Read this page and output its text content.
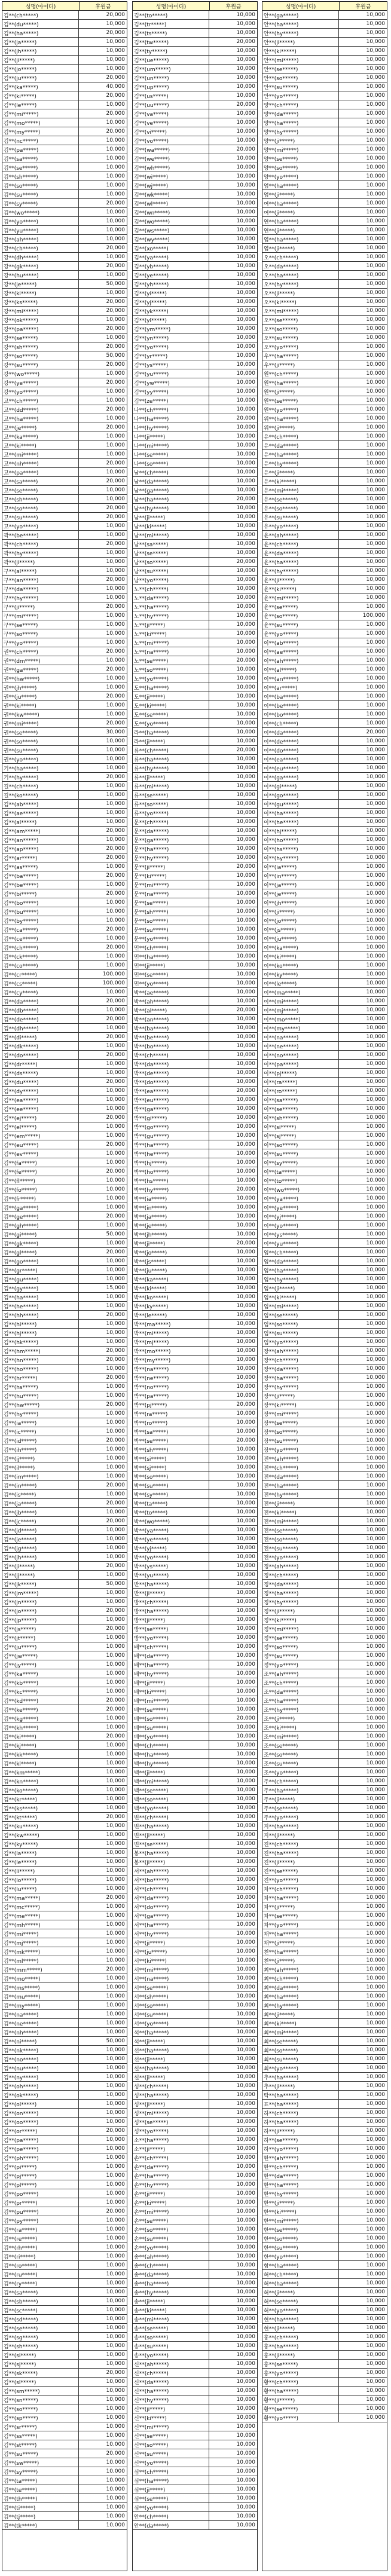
성명(아이디)	후원금
김**(ch*****)	20,000
김**(du*****)	10,000
김**(ha*****)	20,000
김**(ja*****)	10,000
김**(jh*****)	10,000
김**(ji*****)	10,000
김**(jo*****)	10,000
김**(ju*****)	20,000
김**(ka*****)	40,000
김**(ki*****)	20,000
김**(le*****)	10,000
김**(mi*****)	20,000
김**(mo*****)	10,000
김**(my*****)	20,000
김**(nc*****)	10,000
김**(pa*****)	10,000
김**(sa*****)	10,000
김**(se*****)	10,000
김**(sh*****)	10,000
김**(so*****)	10,000
김**(su*****)	10,000
김**(sy*****)	20,000
김**(wo*****)	10,000
김**(yo*****)	10,000
김**(yu*****)	10,000
강**(ah*****)	10,000
강**(ch*****)	20,000
강**(dh*****)	10,000
강**(gk*****)	20,000
강**(hu*****)	10,000
강**(je*****)	50,000
강**(ki*****)	10,000
강**(ks*****)	20,000
강**(mi*****)	20,000
강**(ok*****)	10,000
강**(pa*****)	20,000
강**(se*****)	10,000
강**(sh*****)	20,000
강**(so*****)	50,000
강**(su*****)	20,000
강**(wo*****)	10,000
강**(ye*****)	20,000
강**(yo*****)	10,000
고**(ch*****)	10,000
고**(dd*****)	20,000
고**(ha*****)	10,000
고**(je*****)	20,000
고**(ka*****)	10,000
고**(ki*****)	10,000
고**(mi*****)	10,000
고**(nh*****)	20,000
고**(pa*****)	10,000
고**(sa*****)	20,000
고**(se*****)	10,000
고**(sh*****)	10,000
고**(so*****)	20,000
고**(su*****)	20,000
고**(yo*****)	10,000
곽**(be*****)	10,000
곽**(ch*****)	20,000
곽**(hy*****)	10,000
곽**(ji*****)	10,000
구**(al*****)	10,000
구**(an*****)	20,000
구**(da*****)	10,000
구**(hy*****)	10,000
구**(ji*****)	20,000
구**(mi*****)	10,000
구**(se*****)	10,000
구**(so*****)	10,000
구**(yo*****)	10,000
권**(ch*****)	20,000
권**(dm*****)	10,000
권**(ga*****)	20,000
권**(hw*****)	10,000
권**(jh*****)	10,000
권**(ju*****)	20,000
권**(ki*****)	10,000
권**(kw*****)	10,000
권**(mi*****)	20,000
권**(se*****)	30,000
권**(so*****)	10,000
권**(su*****)	10,000
권**(yo*****)	10,000
기**(ha*****)	10,000
기**(hy*****)	20,000
길**(ch*****)	10,000
길**(ko*****)	10,000
김**(ab*****)	10,000
김**(ae*****)	10,000
김**(al*****)	10,000
김**(am*****)	20,000
김**(an*****)	10,000
김**(ap*****)	20,000
김**(ar*****)	20,000
김**(as*****)	10,000
김**(ba*****)	20,000
김**(be*****)	10,000
김**(bi*****)	20,000
김**(bo*****)	10,000
김**(bu*****)	10,000
김**(by*****)	10,000
김**(ca*****)	20,000
김**(ce*****)	10,000
김**(ch*****)	20,000
김**(ck*****)	10,000
김**(co*****)	10,000
김**(cr*****)	100,000
김**(cs*****)	100,000
김**(cy*****)	10,000
김**(da*****)	20,000
김**(db*****)	10,000
김**(de*****)	20,000
김**(dh*****)	10,000
김**(di*****)	20,000
김**(dk*****)	10,000
김**(do*****)	20,000
김**(dr*****)	10,000
김**(ds*****)	10,000
김**(du*****)	20,000
김**(dy*****)	10,000
김**(ea*****)	10,000
김**(ee*****)	10,000
김**(ej*****)	20,000
김**(el*****)	10,000
김**(em*****)	10,000
김**(eu*****)	20,000
김**(ev*****)	10,000
김**(fa*****)	10,000
김**(fe*****)	20,000
김**(fl*****)	10,000
김**(fo*****)	10,000
김**(fr*****)	10,000
김**(ga*****)	10,000
김**(ge*****)	20,000
김**(gh*****)	10,000
김**(gi*****)	50,000
김**(gk*****)	10,000
김**(gl*****)	20,000
김**(go*****)	10,000
김**(gr*****)	10,000
김**(gu*****)	10,000
김**(gy*****)	15,000
김**(ha*****)	10,000
김**(he*****)	10,000
김**(hh*****)	20,000
김**(hi*****)	10,000
김**(hj*****)	10,000
김**(hk*****)	10,000
김**(hm*****)	20,000
김**(hn*****)	20,000
김**(ho*****)	10,000
김**(hr*****)	20,000
김**(hs*****)	10,000
김**(hu*****)	10,000
김**(hw*****)	20,000
김**(hy*****)	10,000
김**(ia*****)	10,000
김**(ic*****)	10,000
김**(id*****)	20,000
김**(ih*****)	10,000
김**(ij*****)	10,000
김**(il*****)	10,000
김**(im*****)	10,000
김**(in*****)	20,000
김**(is*****)	10,000
김**(ja*****)	20,000
김**(jb*****)	10,000
김**(jc*****)	20,000
김**(jd*****)	10,000
김**(je*****)	10,000
김**(jg*****)	10,000
김**(jh*****)	10,000
김**(ji*****)	20,000
김**(jj*****)	10,000
김**(jk*****)	50,000
김**(jm*****)	10,000
김**(jn*****)	10,000
김**(jo*****)	20,000
김**(jp*****)	10,000
김**(js*****)	20,000
김**(jt*****)	10,000
김**(ju*****)	10,000
김**(jw*****)	10,000
김**(jy*****)	10,000
김**(ka*****)	10,000
김**(kb*****)	10,000
김**(kc*****)	10,000
김**(kd*****)	20,000
김**(ke*****)	20,000
김**(kg*****)	10,000
김**(kh*****)	10,000
김**(ki*****)	20,000
김**(kj*****)	10,000
김**(kk*****)	10,000
김**(kl*****)	10,000
김**(km*****)	10,000
김**(kn*****)	10,000
김**(ko*****)	10,000
김**(kr*****)	10,000
김**(ks*****)	10,000
김**(kt*****)	20,000
김**(ku*****)	10,000
김**(kw*****)	10,000
김**(ky*****)	10,000
김**(la*****)	10,000
김**(le*****)	10,000
김**(li*****)	10,000
김**(lo*****)	10,000
김**(lu*****)	10,000
김**(ma*****)	20,000
김**(mc*****)	10,000
김**(me*****)	10,000
김**(mh*****)	10,000
김**(mi*****)	10,000
김**(mj*****)	10,000
김**(mk*****)	10,000
김**(ml*****)	10,000
김**(mm*****)	20,000
김**(mo*****)	10,000
김**(ms*****)	10,000
김**(mu*****)	10,000
김**(my*****)	10,000
김**(na*****)	10,000
김**(ne*****)	10,000
김**(nh*****)	10,000
김**(ni*****)	50,000
김**(nk*****)	10,000
김**(no*****)	10,000
김**(nu*****)	10,000
김**(ny*****)	10,000
김**(oh*****)	10,000
김**(ok*****)	10,000
김**(ol*****)	10,000
김**(on*****)	10,000
김**(oo*****)	10,000
김**(or*****)	20,000
김**(pa*****)	10,000
김**(pe*****)	10,000
김**(ph*****)	10,000
김**(pi*****)	10,000
김**(pj*****)	10,000
김**(pl*****)	10,000
김**(po*****)	10,000
김**(pr*****)	10,000
김**(pu*****)	20,000
김**(py*****)	10,000
김**(ra*****)	10,000
김**(re*****)	10,000
김**(rh*****)	10,000
김**(ri*****)	10,000
김**(ro*****)	10,000
김**(ru*****)	10,000
김**(ry*****)	10,000
김**(sa*****)	10,000
김**(sb*****)	10,000
김**(sc*****)	10,000
김**(sd*****)	10,000
김**(se*****)	10,000
김**(sg*****)	10,000
김**(sh*****)	10,000
김**(si*****)	10,000
김**(sj*****)	10,000
김**(sk*****)	20,000
김**(sl*****)	10,000
김**(sm*****)	10,000
김**(sn*****)	10,000
김**(so*****)	10,000
김**(sp*****)	10,000
김**(sr*****)	10,000
김**(ss*****)	10,000
김**(st*****)	10,000
김**(su*****)	20,000
김**(sw*****)	10,000
김**(sy*****)	10,000
김**(ta*****)	10,000
김**(te*****)	10,000
김**(th*****)	10,000
김**(ti*****)	10,000
김**(tj*****)	10,000
김**(tk*****)	10,000
성명(아이디)	후원금
김**(to*****)	10,000
김**(tr*****)	10,000
김**(ts*****)	10,000
김**(tw*****)	20,000
김**(ty*****)	10,000
김**(ue*****)	10,000
김**(um*****)	10,000
김**(un*****)	10,000
김**(up*****)	10,000
김**(us*****)	10,000
김**(uu*****)	20,000
김**(va*****)	10,000
김**(ve*****)	10,000
김**(vi*****)	10,000
김**(vo*****)	10,000
김**(wa*****)	20,000
김**(we*****)	10,000
김**(wh*****)	10,000
김**(wi*****)	10,000
김**(wj*****)	10,000
김**(wk*****)	10,000
김**(wl*****)	10,000
김**(wn*****)	10,000
김**(wo*****)	10,000
김**(ws*****)	10,000
김**(wy*****)	10,000
김**(xo*****)	10,000
김**(ya*****)	10,000
김**(yb*****)	10,000
김**(ye*****)	10,000
김**(yh*****)	10,000
김**(yi*****)	10,000
김**(yj*****)	10,000
김**(yk*****)	10,000
김**(yl*****)	10,000
김**(ym*****)	10,000
김**(yn*****)	10,000
김**(yo*****)	10,000
김**(yr*****)	10,000
김**(ys*****)	10,000
김**(yu*****)	10,000
김**(yw*****)	10,000
김**(yy*****)	10,000
김**(ze*****)	10,000
나**(ch*****)	10,000
나**(ha*****)	20,000
나**(hy*****)	10,000
나**(ji*****)	10,000
나**(mi*****)	10,000
나**(se*****)	10,000
나**(so*****)	10,000
남**(ch*****)	10,000
남**(da*****)	10,000
남**(ga*****)	10,000
남**(ha*****)	20,000
남**(hy*****)	10,000
남**(ji*****)	10,000
남**(ki*****)	10,000
남**(mi*****)	10,000
남**(sa*****)	10,000
남**(se*****)	10,000
남**(so*****)	20,000
남**(su*****)	10,000
남**(yo*****)	10,000
노**(ch*****)	10,000
노**(da*****)	10,000
노**(ha*****)	10,000
노**(hy*****)	10,000
노**(ji*****)	10,000
노**(ki*****)	10,000
노**(mi*****)	10,000
노**(na*****)	10,000
노**(se*****)	20,000
노**(so*****)	10,000
노**(yo*****)	10,000
도**(ha*****)	10,000
도**(ji*****)	10,000
도**(ki*****)	10,000
도**(se*****)	10,000
도**(yo*****)	10,000
라**(ha*****)	10,000
라**(ji*****)	10,000
류**(ch*****)	20,000
류**(ha*****)	10,000
류**(hy*****)	10,000
류**(ji*****)	10,000
류**(mi*****)	10,000
류**(se*****)	10,000
류**(so*****)	10,000
류**(yo*****)	10,000
문**(ch*****)	10,000
문**(da*****)	10,000
문**(ga*****)	10,000
문**(ha*****)	10,000
문**(hy*****)	10,000
문**(ji*****)	20,000
문**(ki*****)	10,000
문**(mi*****)	10,000
문**(na*****)	10,000
문**(se*****)	10,000
문**(sh*****)	10,000
문**(so*****)	10,000
문**(su*****)	10,000
문**(yo*****)	10,000
민**(ch*****)	10,000
민**(ha*****)	10,000
민**(ji*****)	10,000
민**(se*****)	10,000
민**(yo*****)	10,000
박**(ae*****)	10,000
박**(ah*****)	10,000
박**(al*****)	20,000
박**(an*****)	10,000
박**(ba*****)	10,000
박**(be*****)	10,000
박**(bo*****)	10,000
박**(ch*****)	10,000
박**(da*****)	10,000
박**(de*****)	10,000
박**(do*****)	10,000
박**(ea*****)	20,000
박**(eu*****)	10,000
박**(ga*****)	10,000
박**(gi*****)	10,000
박**(go*****)	10,000
박**(gu*****)	10,000
박**(ha*****)	10,000
박**(he*****)	10,000
박**(hj*****)	10,000
박**(ho*****)	10,000
박**(hs*****)	10,000
박**(hy*****)	20,000
박**(ia*****)	10,000
박**(in*****)	10,000
박**(ja*****)	10,000
박**(je*****)	10,000
박**(jh*****)	10,000
박**(ji*****)	20,000
박**(jo*****)	10,000
박**(js*****)	10,000
박**(ju*****)	10,000
박**(ka*****)	10,000
박**(ki*****)	10,000
박**(ko*****)	10,000
박**(ky*****)	10,000
박**(le*****)	10,000
박**(ma*****)	10,000
박**(mi*****)	10,000
박**(mj*****)	10,000
박**(mo*****)	10,000
박**(my*****)	10,000
박**(na*****)	10,000
박**(ne*****)	10,000
박**(no*****)	10,000
박**(pa*****)	10,000
박**(pj*****)	20,000
박**(ra*****)	10,000
박**(ro*****)	10,000
박**(sa*****)	10,000
박**(se*****)	20,000
박**(sh*****)	10,000
박**(si*****)	10,000
박**(sj*****)	10,000
박**(so*****)	10,000
박**(su*****)	10,000
박**(sy*****)	10,000
박**(ta*****)	10,000
박**(to*****)	10,000
박**(wo*****)	10,000
박**(ya*****)	10,000
박**(ye*****)	10,000
박**(yj*****)	10,000
박**(yo*****)	10,000
박**(ys*****)	10,000
박**(yu*****)	10,000
반**(ha*****)	10,000
반**(ji*****)	10,000
방**(ch*****)	10,000
방**(ha*****)	10,000
방**(ji*****)	10,000
방**(se*****)	10,000
방**(yo*****)	10,000
배**(ch*****)	10,000
배**(da*****)	10,000
배**(ha*****)	10,000
배**(hy*****)	10,000
배**(ji*****)	10,000
배**(ki*****)	10,000
배**(mi*****)	10,000
배**(se*****)	10,000
배**(so*****)	20,000
배**(su*****)	10,000
배**(yo*****)	10,000
백**(ch*****)	10,000
백**(ha*****)	10,000
백**(hy*****)	10,000
백**(ji*****)	10,000
백**(mi*****)	10,000
백**(se*****)	10,000
백**(so*****)	10,000
백**(yo*****)	10,000
변**(ch*****)	10,000
변**(ha*****)	10,000
변**(ji*****)	10,000
변**(se*****)	10,000
봉**(ha*****)	10,000
봉**(ji*****)	10,000
서**(ah*****)	10,000
서**(bo*****)	10,000
서**(ch*****)	10,000
서**(da*****)	10,000
서**(do*****)	10,000
서**(ga*****)	10,000
서**(ha*****)	10,000
서**(hy*****)	10,000
서**(ji*****)	10,000
서**(ju*****)	10,000
서**(ki*****)	10,000
서**(mi*****)	10,000
서**(na*****)	10,000
서**(se*****)	10,000
서**(sh*****)	10,000
서**(so*****)	10,000
서**(su*****)	10,000
서**(yo*****)	10,000
석**(ha*****)	10,000
석**(ji*****)	10,000
선**(ha*****)	10,000
선**(ji*****)	10,000
설**(ha*****)	10,000
설**(ji*****)	10,000
성**(ch*****)	10,000
성**(ha*****)	10,000
성**(ji*****)	10,000
성**(mi*****)	10,000
성**(se*****)	10,000
성**(yo*****)	10,000
소**(ha*****)	10,000
소**(ji*****)	10,000
손**(ch*****)	10,000
손**(da*****)	10,000
손**(ha*****)	10,000
손**(hy*****)	10,000
손**(ji*****)	10,000
손**(ki*****)	10,000
손**(mi*****)	10,000
손**(se*****)	10,000
손**(so*****)	10,000
손**(su*****)	10,000
손**(yo*****)	10,000
송**(ah*****)	10,000
송**(ch*****)	10,000
송**(da*****)	10,000
송**(ha*****)	10,000
송**(hy*****)	10,000
송**(ji*****)	10,000
송**(ki*****)	10,000
송**(mi*****)	10,000
송**(se*****)	10,000
송**(so*****)	10,000
송**(su*****)	10,000
송**(yo*****)	10,000
신**(ah*****)	10,000
신**(ch*****)	10,000
신**(da*****)	10,000
신**(ha*****)	10,000
신**(hy*****)	10,000
신**(ji*****)	10,000
신**(ki*****)	10,000
신**(mi*****)	10,000
신**(se*****)	10,000
신**(so*****)	10,000
신**(su*****)	10,000
신**(yo*****)	10,000
심**(ch*****)	10,000
심**(ha*****)	10,000
심**(ji*****)	10,000
심**(se*****)	10,000
심**(yo*****)	10,000
안**(ch*****)	10,000
안**(da*****)	10,000
성명(아이디)	후원금
안**(ga*****)	10,000
안**(ha*****)	10,000
안**(hy*****)	10,000
안**(ji*****)	10,000
안**(ki*****)	10,000
안**(mi*****)	10,000
안**(se*****)	10,000
안**(so*****)	10,000
안**(su*****)	10,000
안**(yo*****)	10,000
양**(ch*****)	10,000
양**(da*****)	10,000
양**(ha*****)	10,000
양**(hy*****)	10,000
양**(ji*****)	10,000
양**(mi*****)	10,000
양**(se*****)	10,000
양**(so*****)	10,000
양**(yo*****)	10,000
엄**(ha*****)	10,000
엄**(ji*****)	10,000
여**(ha*****)	10,000
여**(ji*****)	10,000
연**(ha*****)	10,000
연**(ji*****)	10,000
염**(ha*****)	10,000
염**(ji*****)	10,000
오**(ch*****)	10,000
오**(da*****)	10,000
오**(ha*****)	10,000
오**(hy*****)	10,000
오**(ji*****)	10,000
오**(ki*****)	10,000
오**(mi*****)	10,000
오**(se*****)	10,000
오**(so*****)	10,000
오**(su*****)	10,000
오**(yo*****)	10,000
우**(ha*****)	10,000
우**(ji*****)	10,000
원**(ch*****)	10,000
원**(ha*****)	10,000
원**(ji*****)	10,000
원**(se*****)	10,000
원**(yo*****)	10,000
위**(ha*****)	10,000
위**(ji*****)	10,000
유**(ch*****)	10,000
유**(da*****)	10,000
유**(ha*****)	10,000
유**(hy*****)	10,000
유**(ji*****)	10,000
유**(ki*****)	10,000
유**(mi*****)	10,000
유**(se*****)	10,000
유**(so*****)	10,000
유**(su*****)	10,000
유**(yo*****)	10,000
윤**(ah*****)	10,000
윤**(ch*****)	10,000
윤**(da*****)	10,000
윤**(ha*****)	10,000
윤**(hy*****)	10,000
윤**(ji*****)	10,000
윤**(ki*****)	10,000
윤**(mi*****)	10,000
윤**(se*****)	10,000
윤**(so*****)	100,000
윤**(su*****)	10,000
윤**(yo*****)	10,000
이**(ab*****)	10,000
이**(ae*****)	10,000
이**(ah*****)	10,000
이**(al*****)	10,000
이**(an*****)	10,000
이**(ar*****)	10,000
이**(ba*****)	10,000
이**(be*****)	10,000
이**(bo*****)	10,000
이**(ch*****)	10,000
이**(da*****)	20,000
이**(de*****)	10,000
이**(do*****)	10,000
이**(ea*****)	10,000
이**(eu*****)	10,000
이**(ga*****)	10,000
이**(gi*****)	10,000
이**(go*****)	10,000
이**(gu*****)	10,000
이**(ha*****)	10,000
이**(he*****)	10,000
이**(hj*****)	10,000
이**(ho*****)	10,000
이**(hs*****)	10,000
이**(hy*****)	10,000
이**(ia*****)	10,000
이**(in*****)	10,000
이**(ja*****)	10,000
이**(je*****)	10,000
이**(jh*****)	10,000
이**(ji*****)	10,000
이**(jo*****)	10,000
이**(js*****)	10,000
이**(ju*****)	10,000
이**(ka*****)	10,000
이**(ki*****)	10,000
이**(ko*****)	10,000
이**(ky*****)	10,000
이**(le*****)	10,000
이**(ma*****)	10,000
이**(mi*****)	10,000
이**(mj*****)	10,000
이**(mo*****)	10,000
이**(my*****)	10,000
이**(na*****)	10,000
이**(ne*****)	10,000
이**(no*****)	10,000
이**(pa*****)	10,000
이**(pj*****)	10,000
이**(ra*****)	10,000
이**(ro*****)	10,000
이**(sa*****)	10,000
이**(se*****)	10,000
이**(sh*****)	10,000
이**(si*****)	10,000
이**(sj*****)	10,000
이**(so*****)	10,000
이**(su*****)	10,000
이**(sy*****)	10,000
이**(ta*****)	10,000
이**(to*****)	10,000
이**(wo*****)	10,000
이**(ya*****)	10,000
이**(ye*****)	10,000
이**(yj*****)	10,000
이**(yo*****)	10,000
이**(ys*****)	10,000
이**(yu*****)	10,000
임**(ch*****)	10,000
임**(da*****)	10,000
임**(ha*****)	10,000
임**(hy*****)	10,000
임**(ji*****)	10,000
임**(ki*****)	10,000
임**(mi*****)	10,000
임**(se*****)	10,000
임**(so*****)	10,000
임**(su*****)	10,000
임**(yo*****)	10,000
장**(ah*****)	10,000
장**(ch*****)	10,000
장**(da*****)	10,000
장**(ha*****)	10,000
장**(hy*****)	10,000
장**(ji*****)	10,000
장**(ki*****)	10,000
장**(mi*****)	10,000
장**(se*****)	10,000
장**(so*****)	10,000
장**(su*****)	10,000
장**(yo*****)	10,000
전**(ah*****)	10,000
전**(ch*****)	10,000
전**(da*****)	10,000
전**(ha*****)	10,000
전**(hy*****)	10,000
전**(ji*****)	10,000
전**(ki*****)	10,000
전**(mi*****)	10,000
전**(se*****)	10,000
전**(so*****)	10,000
전**(su*****)	10,000
전**(yo*****)	10,000
정**(ah*****)	10,000
정**(ch*****)	10,000
정**(da*****)	10,000
정**(ha*****)	10,000
정**(hy*****)	10,000
정**(ji*****)	10,000
정**(ki*****)	10,000
정**(mi*****)	10,000
정**(se*****)	10,000
정**(so*****)	10,000
정**(su*****)	10,000
정**(yo*****)	10,000
조**(ah*****)	10,000
조**(ch*****)	10,000
조**(da*****)	10,000
조**(ha*****)	10,000
조**(hy*****)	10,000
조**(ji*****)	10,000
조**(ki*****)	10,000
조**(mi*****)	10,000
조**(se*****)	10,000
조**(so*****)	10,000
조**(su*****)	10,000
조**(yo*****)	10,000
주**(ch*****)	10,000
주**(ha*****)	10,000
주**(ji*****)	10,000
주**(se*****)	10,000
주**(yo*****)	10,000
지**(ha*****)	10,000
지**(ji*****)	10,000
진**(ch*****)	10,000
진**(ha*****)	10,000
진**(ji*****)	10,000
진**(se*****)	10,000
진**(yo*****)	10,000
차**(ch*****)	10,000
차**(ha*****)	10,000
차**(ji*****)	10,000
차**(se*****)	10,000
차**(yo*****)	10,000
채**(ha*****)	10,000
채**(ji*****)	10,000
천**(ha*****)	10,000
천**(ji*****)	10,000
최**(ah*****)	10,000
최**(ch*****)	10,000
최**(da*****)	10,000
최**(ha*****)	10,000
최**(hy*****)	10,000
최**(ji*****)	10,000
최**(ki*****)	10,000
최**(mi*****)	10,000
최**(se*****)	10,000
최**(so*****)	10,000
최**(su*****)	10,000
최**(yo*****)	10,000
추**(ha*****)	10,000
추**(ji*****)	10,000
탁**(ha*****)	10,000
표**(ha*****)	10,000
하**(ch*****)	10,000
하**(ha*****)	10,000
하**(ji*****)	10,000
하**(se*****)	10,000
하**(yo*****)	10,000
한**(ah*****)	10,000
한**(ch*****)	10,000
한**(da*****)	10,000
한**(ha*****)	10,000
한**(hy*****)	10,000
한**(ji*****)	10,000
한**(ki*****)	10,000
한**(mi*****)	10,000
한**(se*****)	10,000
한**(so*****)	10,000
한**(su*****)	10,000
한**(yo*****)	10,000
함**(ha*****)	10,000
허**(ch*****)	10,000
허**(ha*****)	10,000
허**(ji*****)	10,000
허**(se*****)	10,000
허**(yo*****)	10,000
현**(ha*****)	10,000
현**(ji*****)	10,000
홍**(ch*****)	10,000
홍**(ha*****)	10,000
홍**(ji*****)	10,000
홍**(se*****)	10,000
홍**(yo*****)	10,000
황**(ch*****)	10,000
황**(ha*****)	10,000
황**(ji*****)	10,000
황**(se*****)	10,000
황**(yo*****)	10,000
